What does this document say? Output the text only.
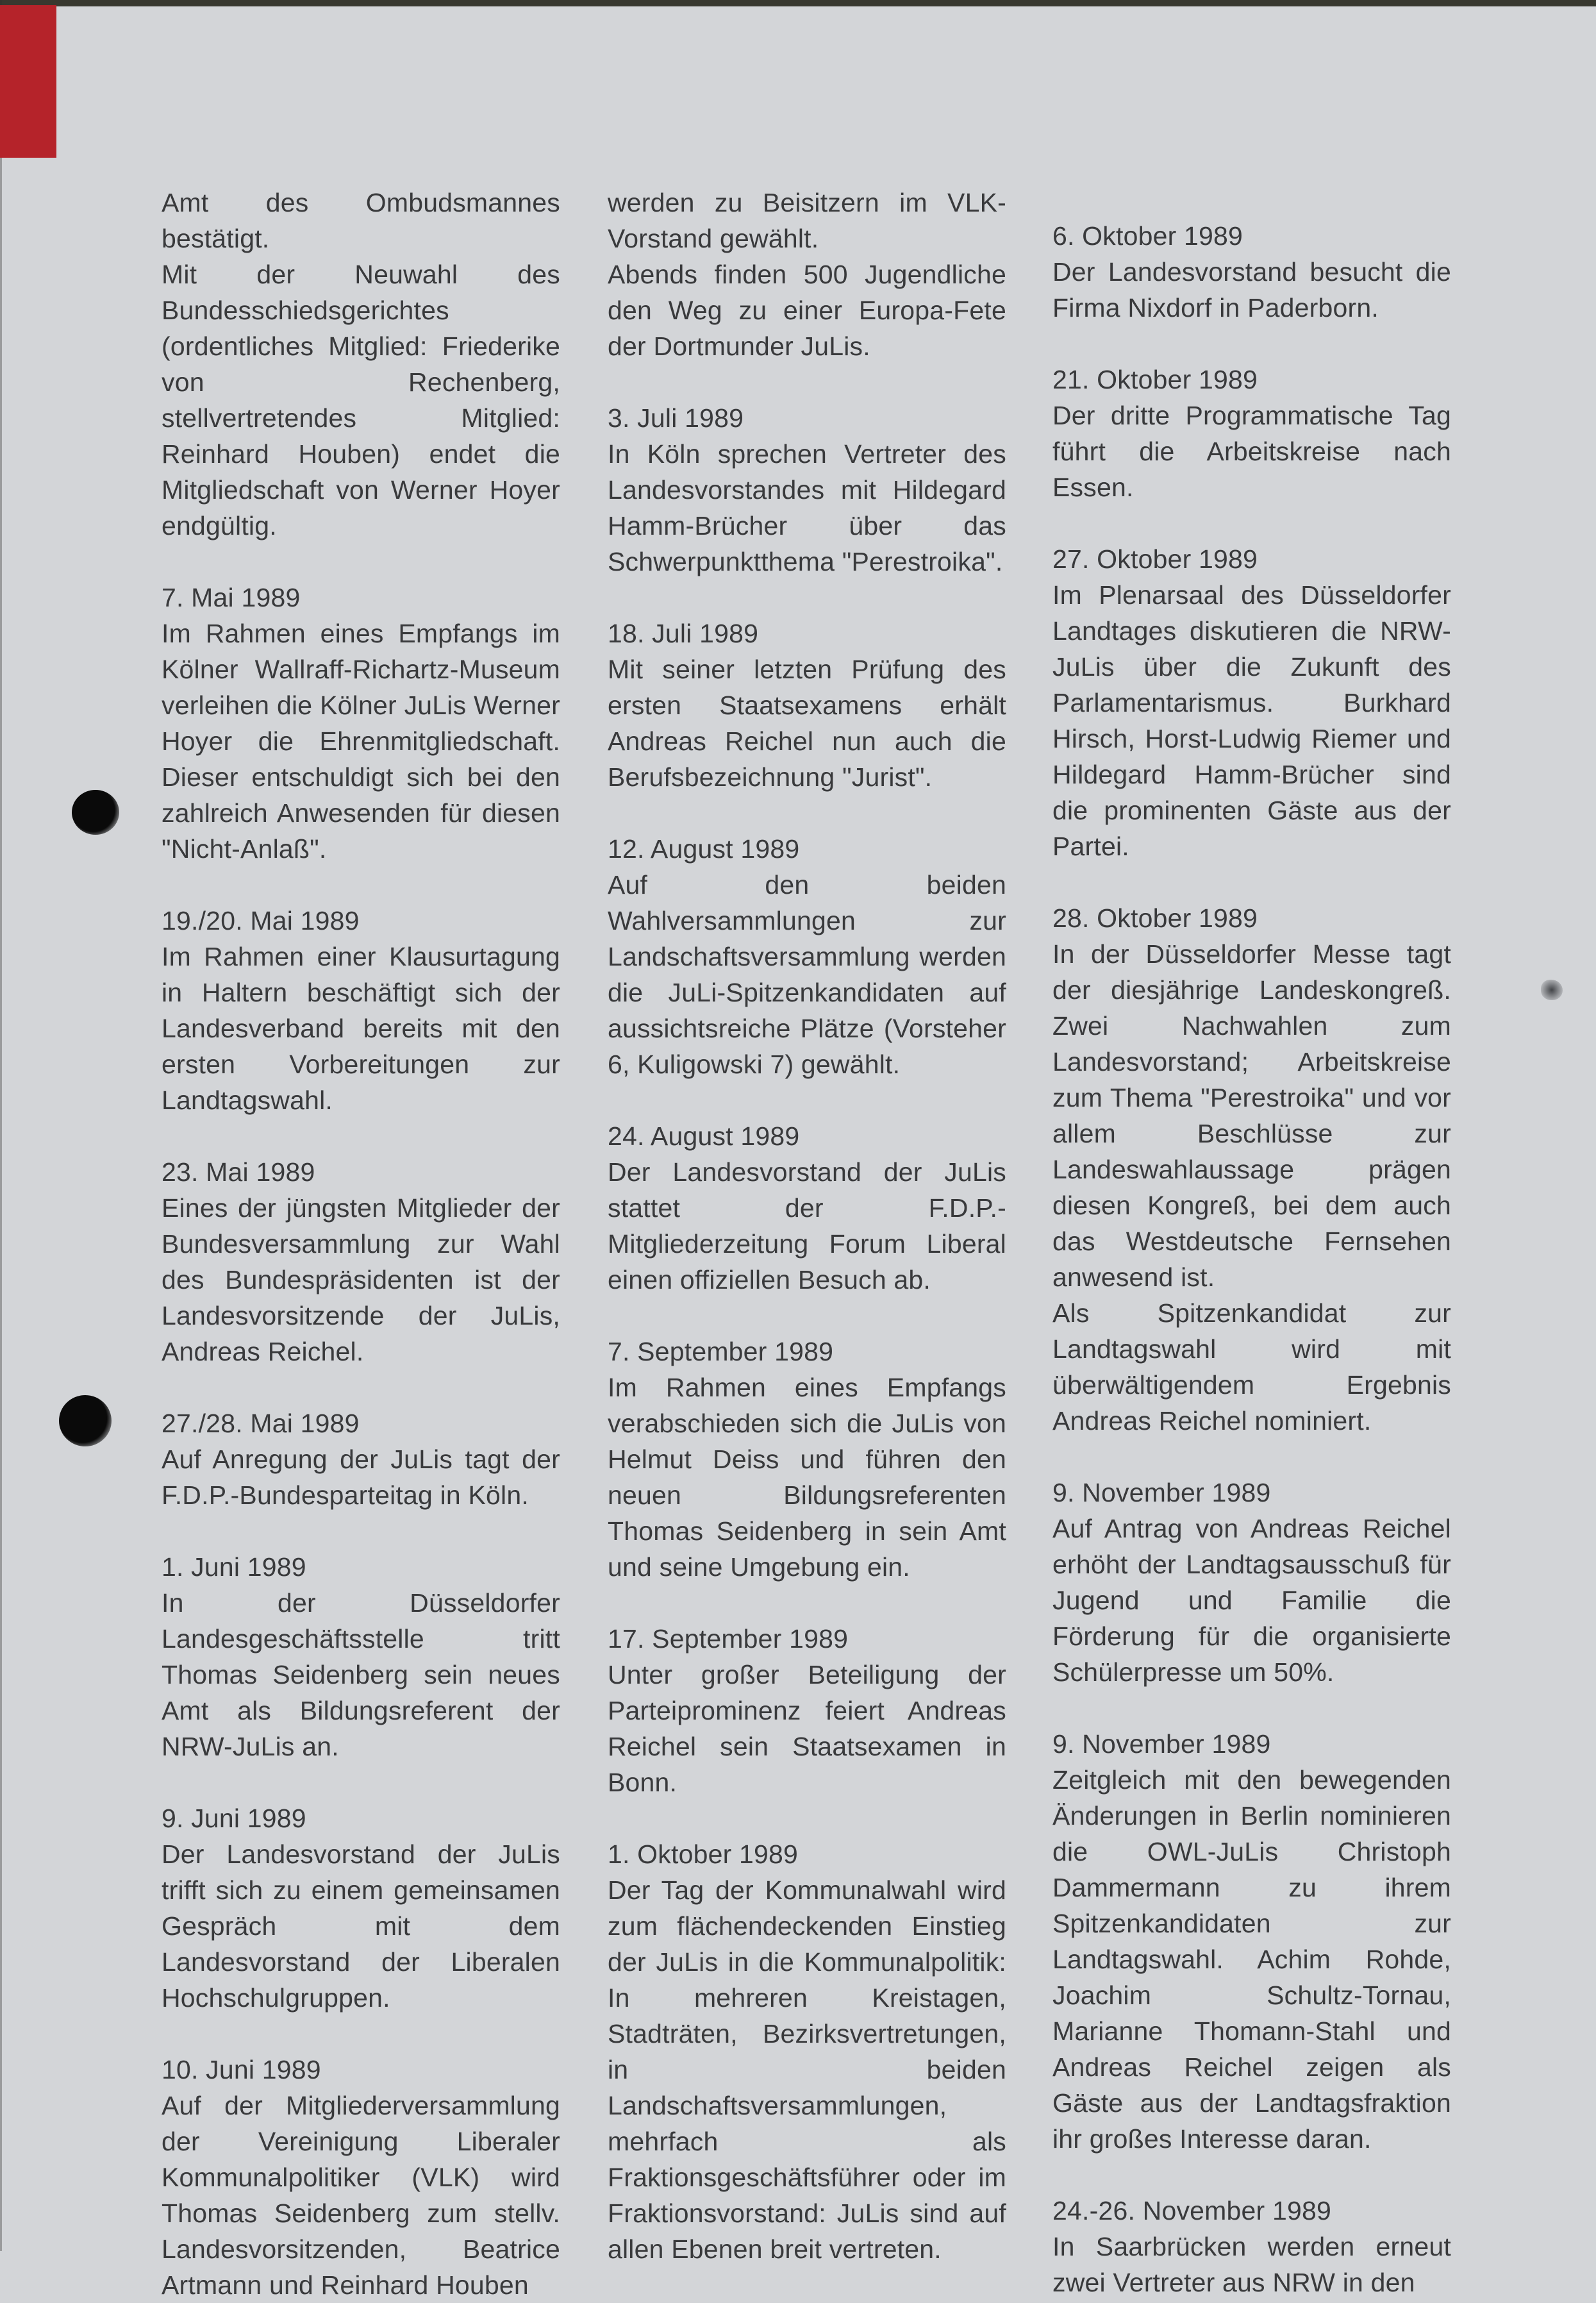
Amt des Ombudsmannes bestätigt.
Mit der Neuwahl des Bundesschiedsgerichtes (ordentliches Mitglied: Friederike von Rechenberg, stellvertretendes Mitglied: Reinhard Houben) endet die Mitgliedschaft von Werner Hoyer endgültig.
7. Mai 1989
Im Rahmen eines Empfangs im Kölner Wallraff-Richartz-Museum verleihen die Kölner JuLis Werner Hoyer die Ehrenmitgliedschaft. Dieser entschuldigt sich bei den zahlreich Anwesenden für diesen "Nicht-Anlaß".
19./20. Mai 1989
Im Rahmen einer Klausurtagung in Haltern beschäftigt sich der Landesverband bereits mit den ersten Vorbereitungen zur Landtagswahl.
23. Mai 1989
Eines der jüngsten Mitglieder der Bundesversammlung zur Wahl des Bundespräsidenten ist der Landesvorsitzende der JuLis, Andreas Reichel.
27./28. Mai 1989
Auf Anregung der JuLis tagt der F.D.P.-Bundesparteitag in Köln.
1. Juni 1989
In der Düsseldorfer Landesgeschäftsstelle tritt Thomas Seidenberg sein neues Amt als Bildungsreferent der NRW-JuLis an.
9. Juni 1989
Der Landesvorstand der JuLis trifft sich zu einem gemeinsamen Gespräch mit dem Landesvorstand der Liberalen Hochschulgruppen.
10. Juni 1989
Auf der Mitgliederversammlung der Vereinigung Liberaler Kommunalpolitiker (VLK) wird Thomas Seidenberg zum stellv. Landesvorsitzenden, Beatrice Artmann und Reinhard Houben
werden zu Beisitzern im VLK-Vorstand gewählt.
Abends finden 500 Jugendliche den Weg zu einer Europa-Fete der Dortmunder JuLis.
3. Juli 1989
In Köln sprechen Vertreter des Landesvorstandes mit Hildegard Hamm-Brücher über das Schwerpunktthema "Perestroika".
18. Juli 1989
Mit seiner letzten Prüfung des ersten Staatsexamens erhält Andreas Reichel nun auch die Berufsbezeichnung "Jurist".
12. August 1989
Auf den beiden Wahlversammlungen zur Landschaftsversammlung werden die JuLi-Spitzenkandidaten auf aussichtsreiche Plätze (Vorsteher 6, Kuligowski 7) gewählt.
24. August 1989
Der Landesvorstand der JuLis stattet der F.D.P.-Mitgliederzeitung Forum Liberal einen offiziellen Besuch ab.
7. September 1989
Im Rahmen eines Empfangs verabschieden sich die JuLis von Helmut Deiss und führen den neuen Bildungsreferenten Thomas Seidenberg in sein Amt und seine Umgebung ein.
17. September 1989
Unter großer Beteiligung der Parteiprominenz feiert Andreas Reichel sein Staatsexamen in Bonn.
1. Oktober 1989
Der Tag der Kommunalwahl wird zum flächendeckenden Einstieg der JuLis in die Kommunalpolitik: In mehreren Kreistagen, Stadträten, Bezirksvertretungen, in beiden Landschaftsversammlungen, mehrfach als Fraktionsgeschäftsführer oder im Fraktionsvorstand: JuLis sind auf allen Ebenen breit vertreten.
6. Oktober 1989
Der Landesvorstand besucht die Firma Nixdorf in Paderborn.
21. Oktober 1989
Der dritte Programmatische Tag führt die Arbeitskreise nach Essen.
27. Oktober 1989
Im Plenarsaal des Düsseldorfer Landtages diskutieren die NRW-JuLis über die Zukunft des Parlamentarismus. Burkhard Hirsch, Horst-Ludwig Riemer und Hildegard Hamm-Brücher sind die prominenten Gäste aus der Partei.
28. Oktober 1989
In der Düsseldorfer Messe tagt der diesjährige Landeskongreß. Zwei Nachwahlen zum Landesvorstand; Arbeitskreise zum Thema "Perestroika" und vor allem Beschlüsse zur Landeswahlaussage prägen diesen Kongreß, bei dem auch das Westdeutsche Fernsehen anwesend ist.
Als Spitzenkandidat zur Landtagswahl wird mit überwältigendem Ergebnis Andreas Reichel nominiert.
9. November 1989
Auf Antrag von Andreas Reichel erhöht der Landtagsausschuß für Jugend und Familie die Förderung für die organisierte Schülerpresse um 50%.
9. November 1989
Zeitgleich mit den bewegenden Änderungen in Berlin nominieren die OWL-JuLis Christoph Dammermann zu ihrem Spitzenkandidaten zur Landtagswahl. Achim Rohde, Joachim Schultz-Tornau, Marianne Thomann-Stahl und Andreas Reichel zeigen als Gäste aus der Landtagsfraktion ihr großes Interesse daran.
24.-26. November 1989
In Saarbrücken werden erneut zwei Vertreter aus NRW in den
